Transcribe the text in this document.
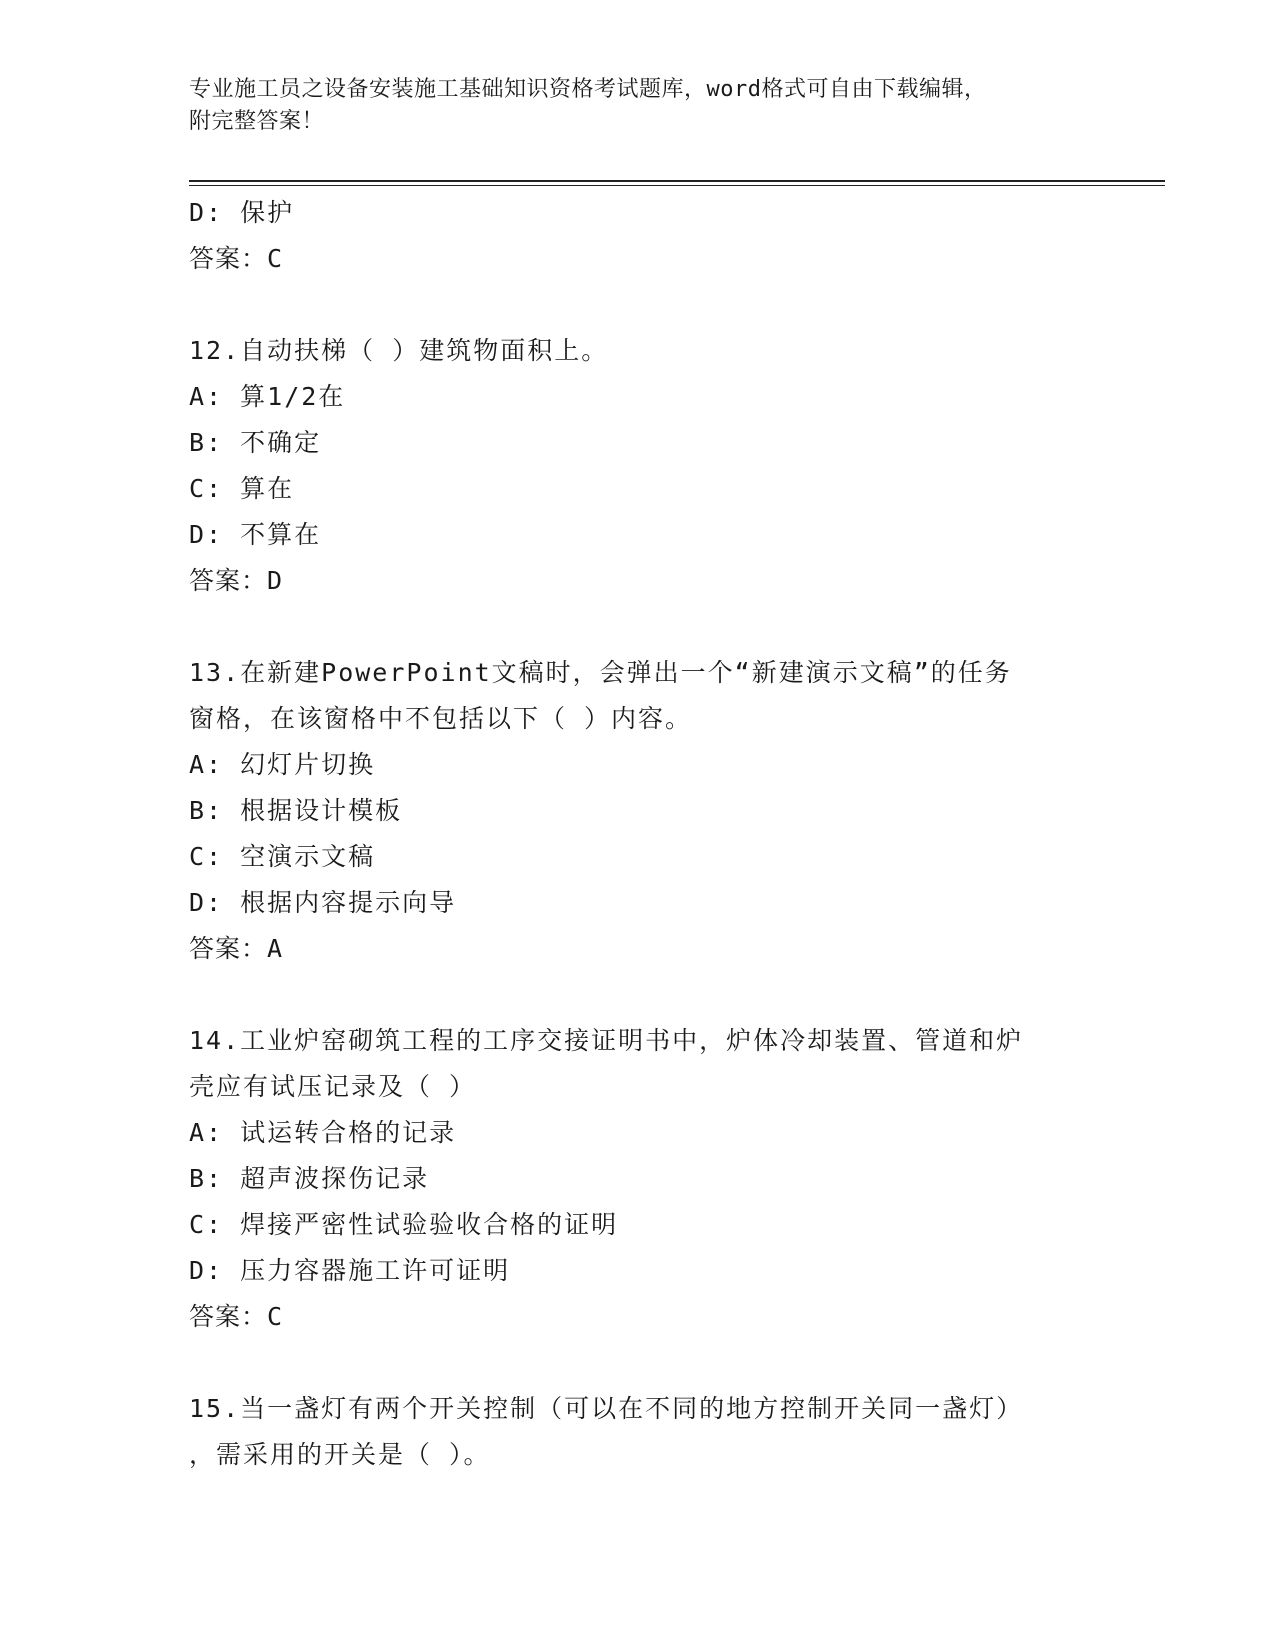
专业施工员之设备安装施工基础知识资格考试题库，word格式可自由下载编辑，
附完整答案！
D: 保护
答案：C
12.自动扶梯（ ）建筑物面积上。
A: 算1/2在
B: 不确定
C: 算在
D: 不算在
答案：D
13.在新建PowerPoint文稿时，会弹出一个“新建演示文稿”的任务
窗格，在该窗格中不包括以下（ ）内容。
A: 幻灯片切换
B: 根据设计模板
C: 空演示文稿
D: 根据内容提示向导
答案：A
14.工业炉窑砌筑工程的工序交接证明书中，炉体冷却装置、管道和炉
壳应有试压记录及（ ）
A: 试运转合格的记录
B: 超声波探伤记录
C: 焊接严密性试验验收合格的证明
D: 压力容器施工许可证明
答案：C
15.当一盏灯有两个开关控制（可以在不同的地方控制开关同一盏灯）
，需采用的开关是（ ）。
